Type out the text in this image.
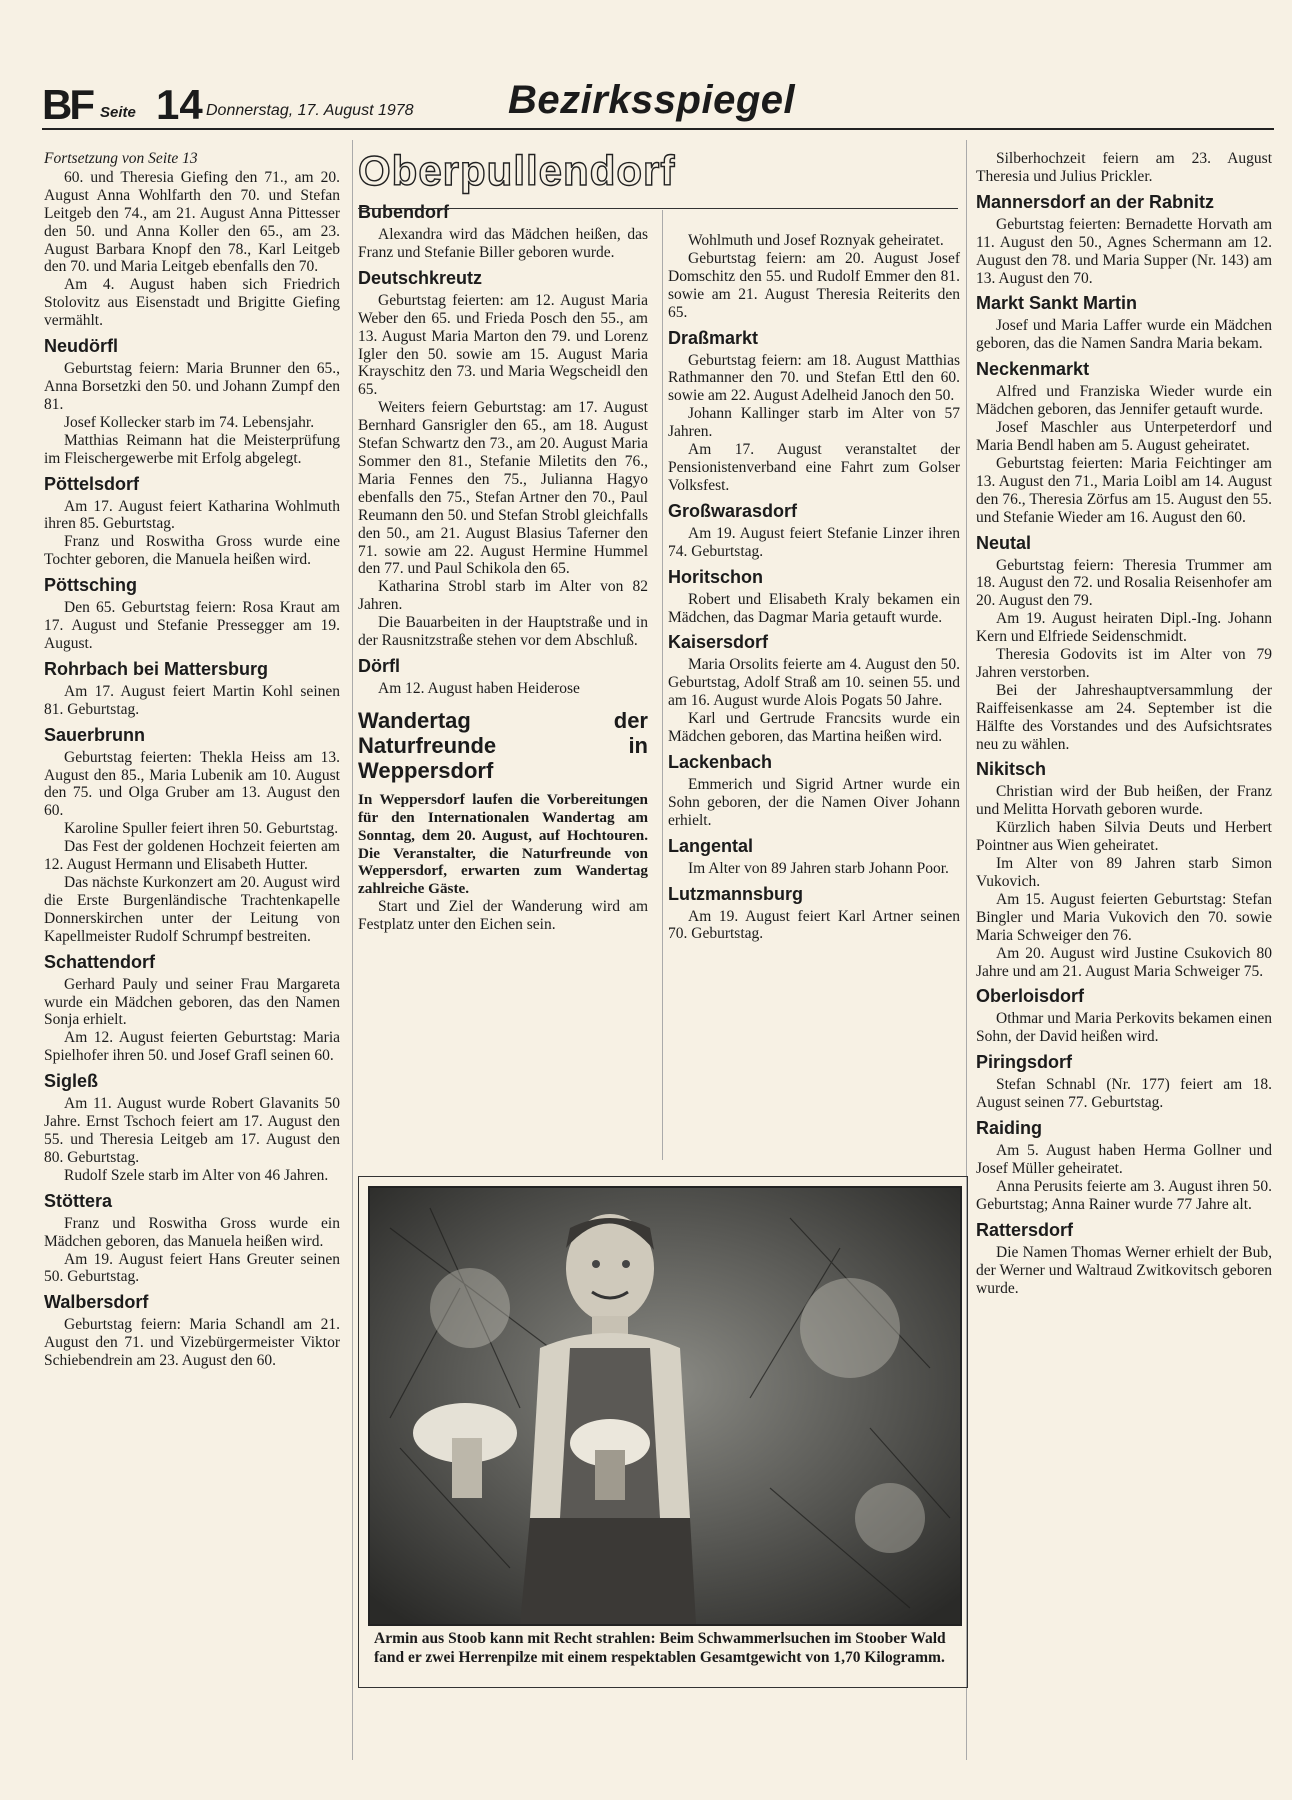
BF Seite 14 Donnerstag, 17. August 1978 Bezirksspiegel

Fortsetzung von Seite 13

60. und Theresia Giefing den 71., am 20. August Anna Wohlfarth den 70. und Stefan Leitgeb den 74., am 21. August Anna Pittesser den 50. und Anna Koller den 65., am 23. August Barbara Knopf den 78., Karl Leitgeb den 70. und Maria Leitgeb ebenfalls den 70.

Am 4. August haben sich Friedrich Stolovitz aus Eisenstadt und Brigitte Giefing vermählt.

Neudörfl

Geburtstag feiern: Maria Brunner den 65., Anna Borsetzki den 50. und Johann Zumpf den 81.

Josef Kollecker starb im 74. Lebensjahr.

Matthias Reimann hat die Meisterprüfung im Fleischergewerbe mit Erfolg abgelegt.

Pöttelsdorf

Am 17. August feiert Katharina Wohlmuth ihren 85. Geburtstag.

Franz und Roswitha Gross wurde eine Tochter geboren, die Manuela heißen wird.

Pöttsching

Den 65. Geburtstag feiern: Rosa Kraut am 17. August und Stefanie Pressegger am 19. August.

Rohrbach bei Mattersburg

Am 17. August feiert Martin Kohl seinen 81. Geburtstag.

Sauerbrunn

Geburtstag feierten: Thekla Heiss am 13. August den 85., Maria Lubenik am 10. August den 75. und Olga Gruber am 13. August den 60.

Karoline Spuller feiert ihren 50. Geburtstag.

Das Fest der goldenen Hochzeit feierten am 12. August Hermann und Elisabeth Hutter.

Das nächste Kurkonzert am 20. August wird die Erste Burgenländische Trachtenkapelle Donnerskirchen unter der Leitung von Kapellmeister Rudolf Schrumpf bestreiten.

Schattendorf

Gerhard Pauly und seiner Frau Margareta wurde ein Mädchen geboren, das den Namen Sonja erhielt.

Am 12. August feierten Geburtstag: Maria Spielhofer ihren 50. und Josef Grafl seinen 60.

Sigleß

Am 11. August wurde Robert Glavanits 50 Jahre. Ernst Tschoch feiert am 17. August den 55. und Theresia Leitgeb am 17. August den 80. Geburtstag.

Rudolf Szele starb im Alter von 46 Jahren.

Stöttera

Franz und Roswitha Gross wurde ein Mädchen geboren, das Manuela heißen wird.

Am 19. August feiert Hans Greuter seinen 50. Geburtstag.

Walbersdorf

Geburtstag feiern: Maria Schandl am 21. August den 71. und Vizebürgermeister Viktor Schiebendrein am 23. August den 60.

Oberpullendorf
Bubendorf

Alexandra wird das Mädchen heißen, das Franz und Stefanie Biller geboren wurde.

Deutschkreutz

Geburtstag feierten: am 12. August Maria Weber den 65. und Frieda Posch den 55., am 13. August Maria Marton den 79. und Lorenz Igler den 50. sowie am 15. August Maria Krayschitz den 73. und Maria Wegscheidl den 65.

Weiters feiern Geburtstag: am 17. August Bernhard Gansrigler den 65., am 18. August Stefan Schwartz den 73., am 20. August Maria Sommer den 81., Stefanie Miletits den 76., Maria Fennes den 75., Julianna Hagyo ebenfalls den 75., Stefan Artner den 70., Paul Reumann den 50. und Stefan Strobl gleichfalls den 50., am 21. August Blasius Taferner den 71. sowie am 22. August Hermine Hummel den 77. und Paul Schikola den 65.

Katharina Strobl starb im Alter von 82 Jahren.

Die Bauarbeiten in der Hauptstraße und in der Rausnitzstraße stehen vor dem Abschluß.

Dörfl

Am 12. August haben Heiderose

Wandertag der Naturfreunde in Weppersdorf

In Weppersdorf laufen die Vorbereitungen für den Internationalen Wandertag am Sonntag, dem 20. August, auf Hochtouren. Die Veranstalter, die Naturfreunde von Weppersdorf, erwarten zum Wandertag zahlreiche Gäste.

Start und Ziel der Wanderung wird am Festplatz unter den Eichen sein.

Wohlmuth und Josef Roznyak geheiratet.

Geburtstag feiern: am 20. August Josef Domschitz den 55. und Rudolf Emmer den 81. sowie am 21. August Theresia Reiterits den 65.

Draßmarkt

Geburtstag feiern: am 18. August Matthias Rathmanner den 70. und Stefan Ettl den 60. sowie am 22. August Adelheid Janoch den 50.

Johann Kallinger starb im Alter von 57 Jahren.

Am 17. August veranstaltet der Pensionistenverband eine Fahrt zum Golser Volksfest.

Großwarasdorf

Am 19. August feiert Stefanie Linzer ihren 74. Geburtstag.

Horitschon

Robert und Elisabeth Kraly bekamen ein Mädchen, das Dagmar Maria getauft wurde.

Kaisersdorf

Maria Orsolits feierte am 4. August den 50. Geburtstag, Adolf Straß am 10. seinen 55. und am 16. August wurde Alois Pogats 50 Jahre.

Karl und Gertrude Francsits wurde ein Mädchen geboren, das Martina heißen wird.

Lackenbach

Emmerich und Sigrid Artner wurde ein Sohn geboren, der die Namen Oiver Johann erhielt.

Langental

Im Alter von 89 Jahren starb Johann Poor.

Lutzmannsburg

Am 19. August feiert Karl Artner seinen 70. Geburtstag.

Silberhochzeit feiern am 23. August Theresia und Julius Prickler.

Mannersdorf an der Rabnitz

Geburtstag feierten: Bernadette Horvath am 11. August den 50., Agnes Schermann am 12. August den 78. und Maria Supper (Nr. 143) am 13. August den 70.

Markt Sankt Martin

Josef und Maria Laffer wurde ein Mädchen geboren, das die Namen Sandra Maria bekam.

Neckenmarkt

Alfred und Franziska Wieder wurde ein Mädchen geboren, das Jennifer getauft wurde.

Josef Maschler aus Unterpeterdorf und Maria Bendl haben am 5. August geheiratet.

Geburtstag feierten: Maria Feichtinger am 13. August den 71., Maria Loibl am 14. August den 76., Theresia Zörfus am 15. August den 55. und Stefanie Wieder am 16. August den 60.

Neutal

Geburtstag feiern: Theresia Trummer am 18. August den 72. und Rosalia Reisenhofer am 20. August den 79.

Am 19. August heiraten Dipl.-Ing. Johann Kern und Elfriede Seidenschmidt.

Theresia Godovits ist im Alter von 79 Jahren verstorben.

Bei der Jahreshauptversammlung der Raiffeisenkasse am 24. September ist die Hälfte des Vorstandes und des Aufsichtsrates neu zu wählen.

Nikitsch

Christian wird der Bub heißen, der Franz und Melitta Horvath geboren wurde.

Kürzlich haben Silvia Deuts und Herbert Pointner aus Wien geheiratet.

Im Alter von 89 Jahren starb Simon Vukovich.

Am 15. August feierten Geburtstag: Stefan Bingler und Maria Vukovich den 70. sowie Maria Schweiger den 76.

Am 20. August wird Justine Csukovich 80 Jahre und am 21. August Maria Schweiger 75.

Oberloisdorf

Othmar und Maria Perkovits bekamen einen Sohn, der David heißen wird.

Piringsdorf

Stefan Schnabl (Nr. 177) feiert am 18. August seinen 77. Geburtstag.

Raiding

Am 5. August haben Herma Gollner und Josef Müller geheiratet.

Anna Perusits feierte am 3. August ihren 50. Geburtstag; Anna Rainer wurde 77 Jahre alt.

Rattersdorf

Die Namen Thomas Werner erhielt der Bub, der Werner und Waltraud Zwitkovitsch geboren wurde.

Armin aus Stoob kann mit Recht strahlen: Beim Schwammerlsuchen im Stoober Wald fand er zwei Herrenpilze mit einem respektablen Gesamtgewicht von 1,70 Kilogramm.
